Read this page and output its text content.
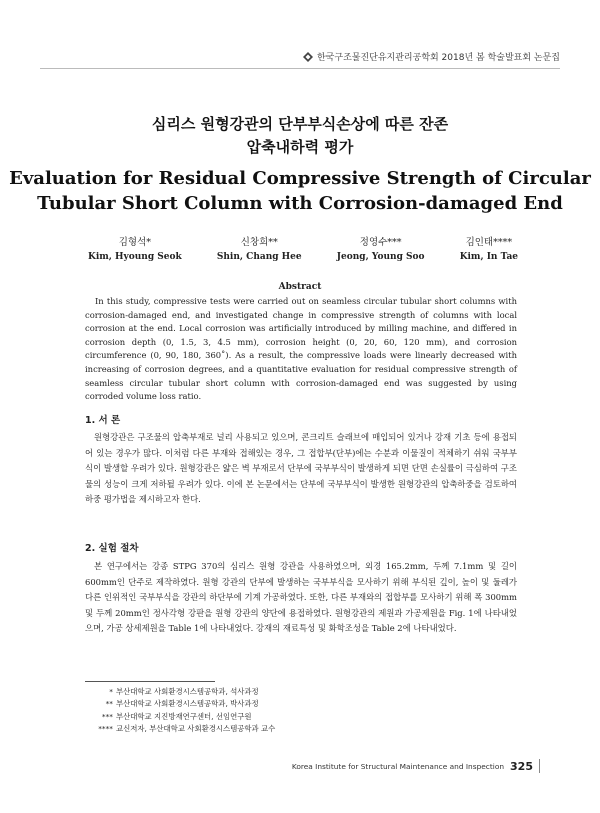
한국구조물진단유지관리공학회 2018년 봄 학술발표회 논문집
심리스 원형강관의 단부부식손상에 따른 잔존
압축내하력 평가
Evaluation for Residual Compressive Strength of Circular
Tubular Short Column with Corrosion-damaged End
김형석*
Kim, Hyoung Seok
신창희**
Shin, Chang Hee
정영수***
Jeong, Young Soo
김인태****
Kim, In Tae
Abstract
In this study, compressive tests were carried out on seamless circular tubular short columns with corrosion-damaged end, and investigated change in compressive strength of columns with local corrosion at the end. Local corrosion was artificially introduced by milling machine, and differed in corrosion depth (0, 1.5, 3, 4.5 mm), corrosion height (0, 20, 60, 120 mm), and corrosion circumference (0, 90, 180, 360˚). As a result, the compressive loads were linearly decreased with increasing of corrosion degrees, and a quantitative evaluation for residual compressive strength of seamless circular tubular short column with corrosion-damaged end was suggested by using corroded volume loss ratio.
1. 서 론
원형강관은 구조물의 압축부재로 널리 사용되고 있으며, 콘크리트 슬래브에 매입되어 있거나 강재 기초 등에 용접되어 있는 경우가 많다. 이처럼 다른 부재와 접해있는 경우, 그 접합부(단부)에는 수분과 이물질이 적체하기 쉬워 국부부식이 발생할 우려가 있다. 원형강관은 얇은 벽 부재로서 단부에 국부부식이 발생하게 되면 단면 손실률이 극심하여 구조물의 성능이 크게 저하될 우려가 있다. 이에 본 논문에서는 단부에 국부부식이 발생한 원형강관의 압축하중을 검토하여 하중 평가법을 제시하고자 한다.
2. 실험 절차
본 연구에서는 강종 STPG 370의 심리스 원형 강관을 사용하였으며, 외경 165.2mm, 두께 7.1mm 및 길이 600mm인 단주로 제작하였다. 원형 강관의 단부에 발생하는 국부부식을 모사하기 위해 부식된 깊이, 높이 및 둘레가 다른 인위적인 국부부식을 강관의 하단부에 기계 가공하였다. 또한, 다른 부재와의 접합부를 모사하기 위해 폭 300mm 및 두께 20mm인 정사각형 강판을 원형 강관의 양단에 용접하였다. 원형강관의 제원과 가공제원을 Fig. 1에 나타내었으며, 가공 상세제원을 Table 1에 나타내었다. 강재의 재료특성 및 화학조성을 Table 2에 나타내었다.
* 부산대학교 사회환경시스템공학과, 석사과정
** 부산대학교 사회환경시스템공학과, 박사과정
*** 부산대학교 지진방재연구센터, 선임연구원
**** 교신저자, 부산대학교 사회환경시스템공학과 교수
Korea Institute for Structural Maintenance and Inspection 325
